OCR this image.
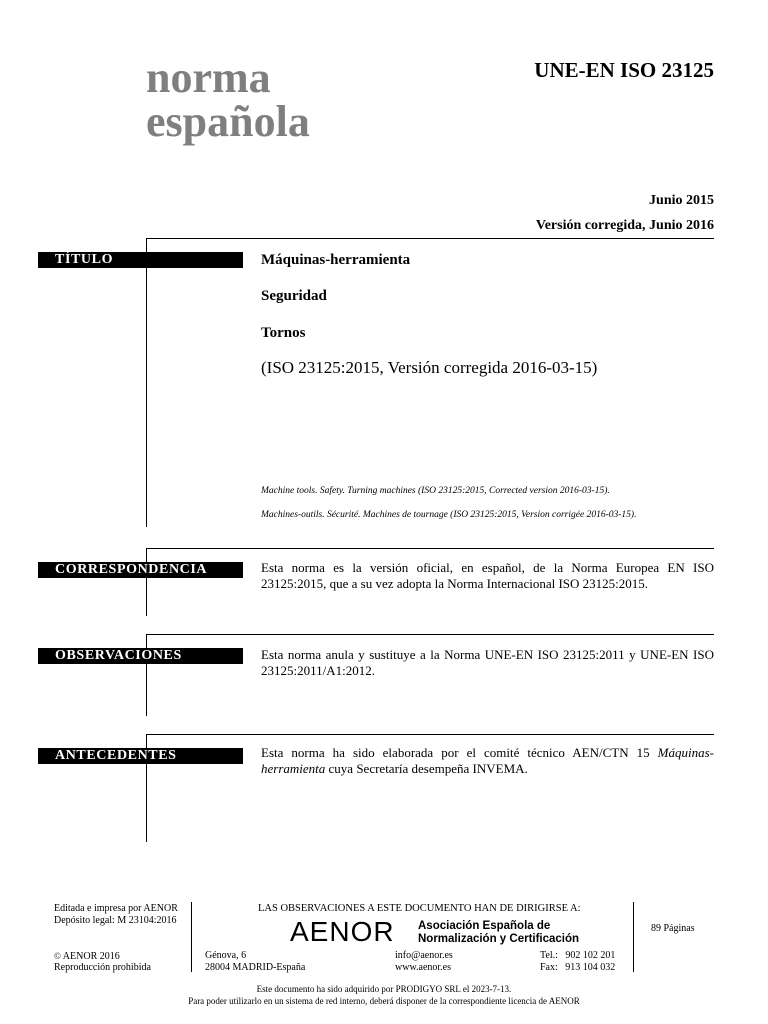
norma
española
UNE-EN ISO 23125
Junio 2015
Versión corregida, Junio 2016
TÍTULO	Máquinas-herramienta
Seguridad
Tornos
(ISO 23125:2015, Versión corregida 2016-03-15)
Machine tools. Safety. Turning machines (ISO 23125:2015, Corrected version 2016-03-15).
Machines-outils. Sécurité. Machines de tournage (ISO 23125:2015, Version corrigée 2016-03-15).
CORRESPONDENCIA	Esta norma es la versión oficial, en español, de la Norma Europea EN ISO 23125:2015, que a su vez adopta la Norma Internacional ISO 23125:2015.
OBSERVACIONES	Esta norma anula y sustituye a la Norma UNE-EN ISO 23125:2011 y UNE-EN ISO 23125:2011/A1:2012.
ANTECEDENTES	Esta norma ha sido elaborada por el comité técnico AEN/CTN 15 Máquinas-herramienta cuya Secretaría desempeña INVEMA.
Editada e impresa por AENOR
Depósito legal: M 23104:2016
© AENOR 2016
Reproducción prohibida
LAS OBSERVACIONES A ESTE DOCUMENTO HAN DE DIRIGIRSE A:
AENOR Asociación Española de
Normalización y Certificación
Génova, 6
28004 MADRID-España
info@aenor.es
www.aenor.es
Tel.:   902 102 201
Fax:   913 104 032
89 Páginas
Este documento ha sido adquirido por PRODIGYO SRL el 2023-7-13.
Para poder utilizarlo en un sistema de red interno, deberá disponer de la correspondiente licencia de AENOR
